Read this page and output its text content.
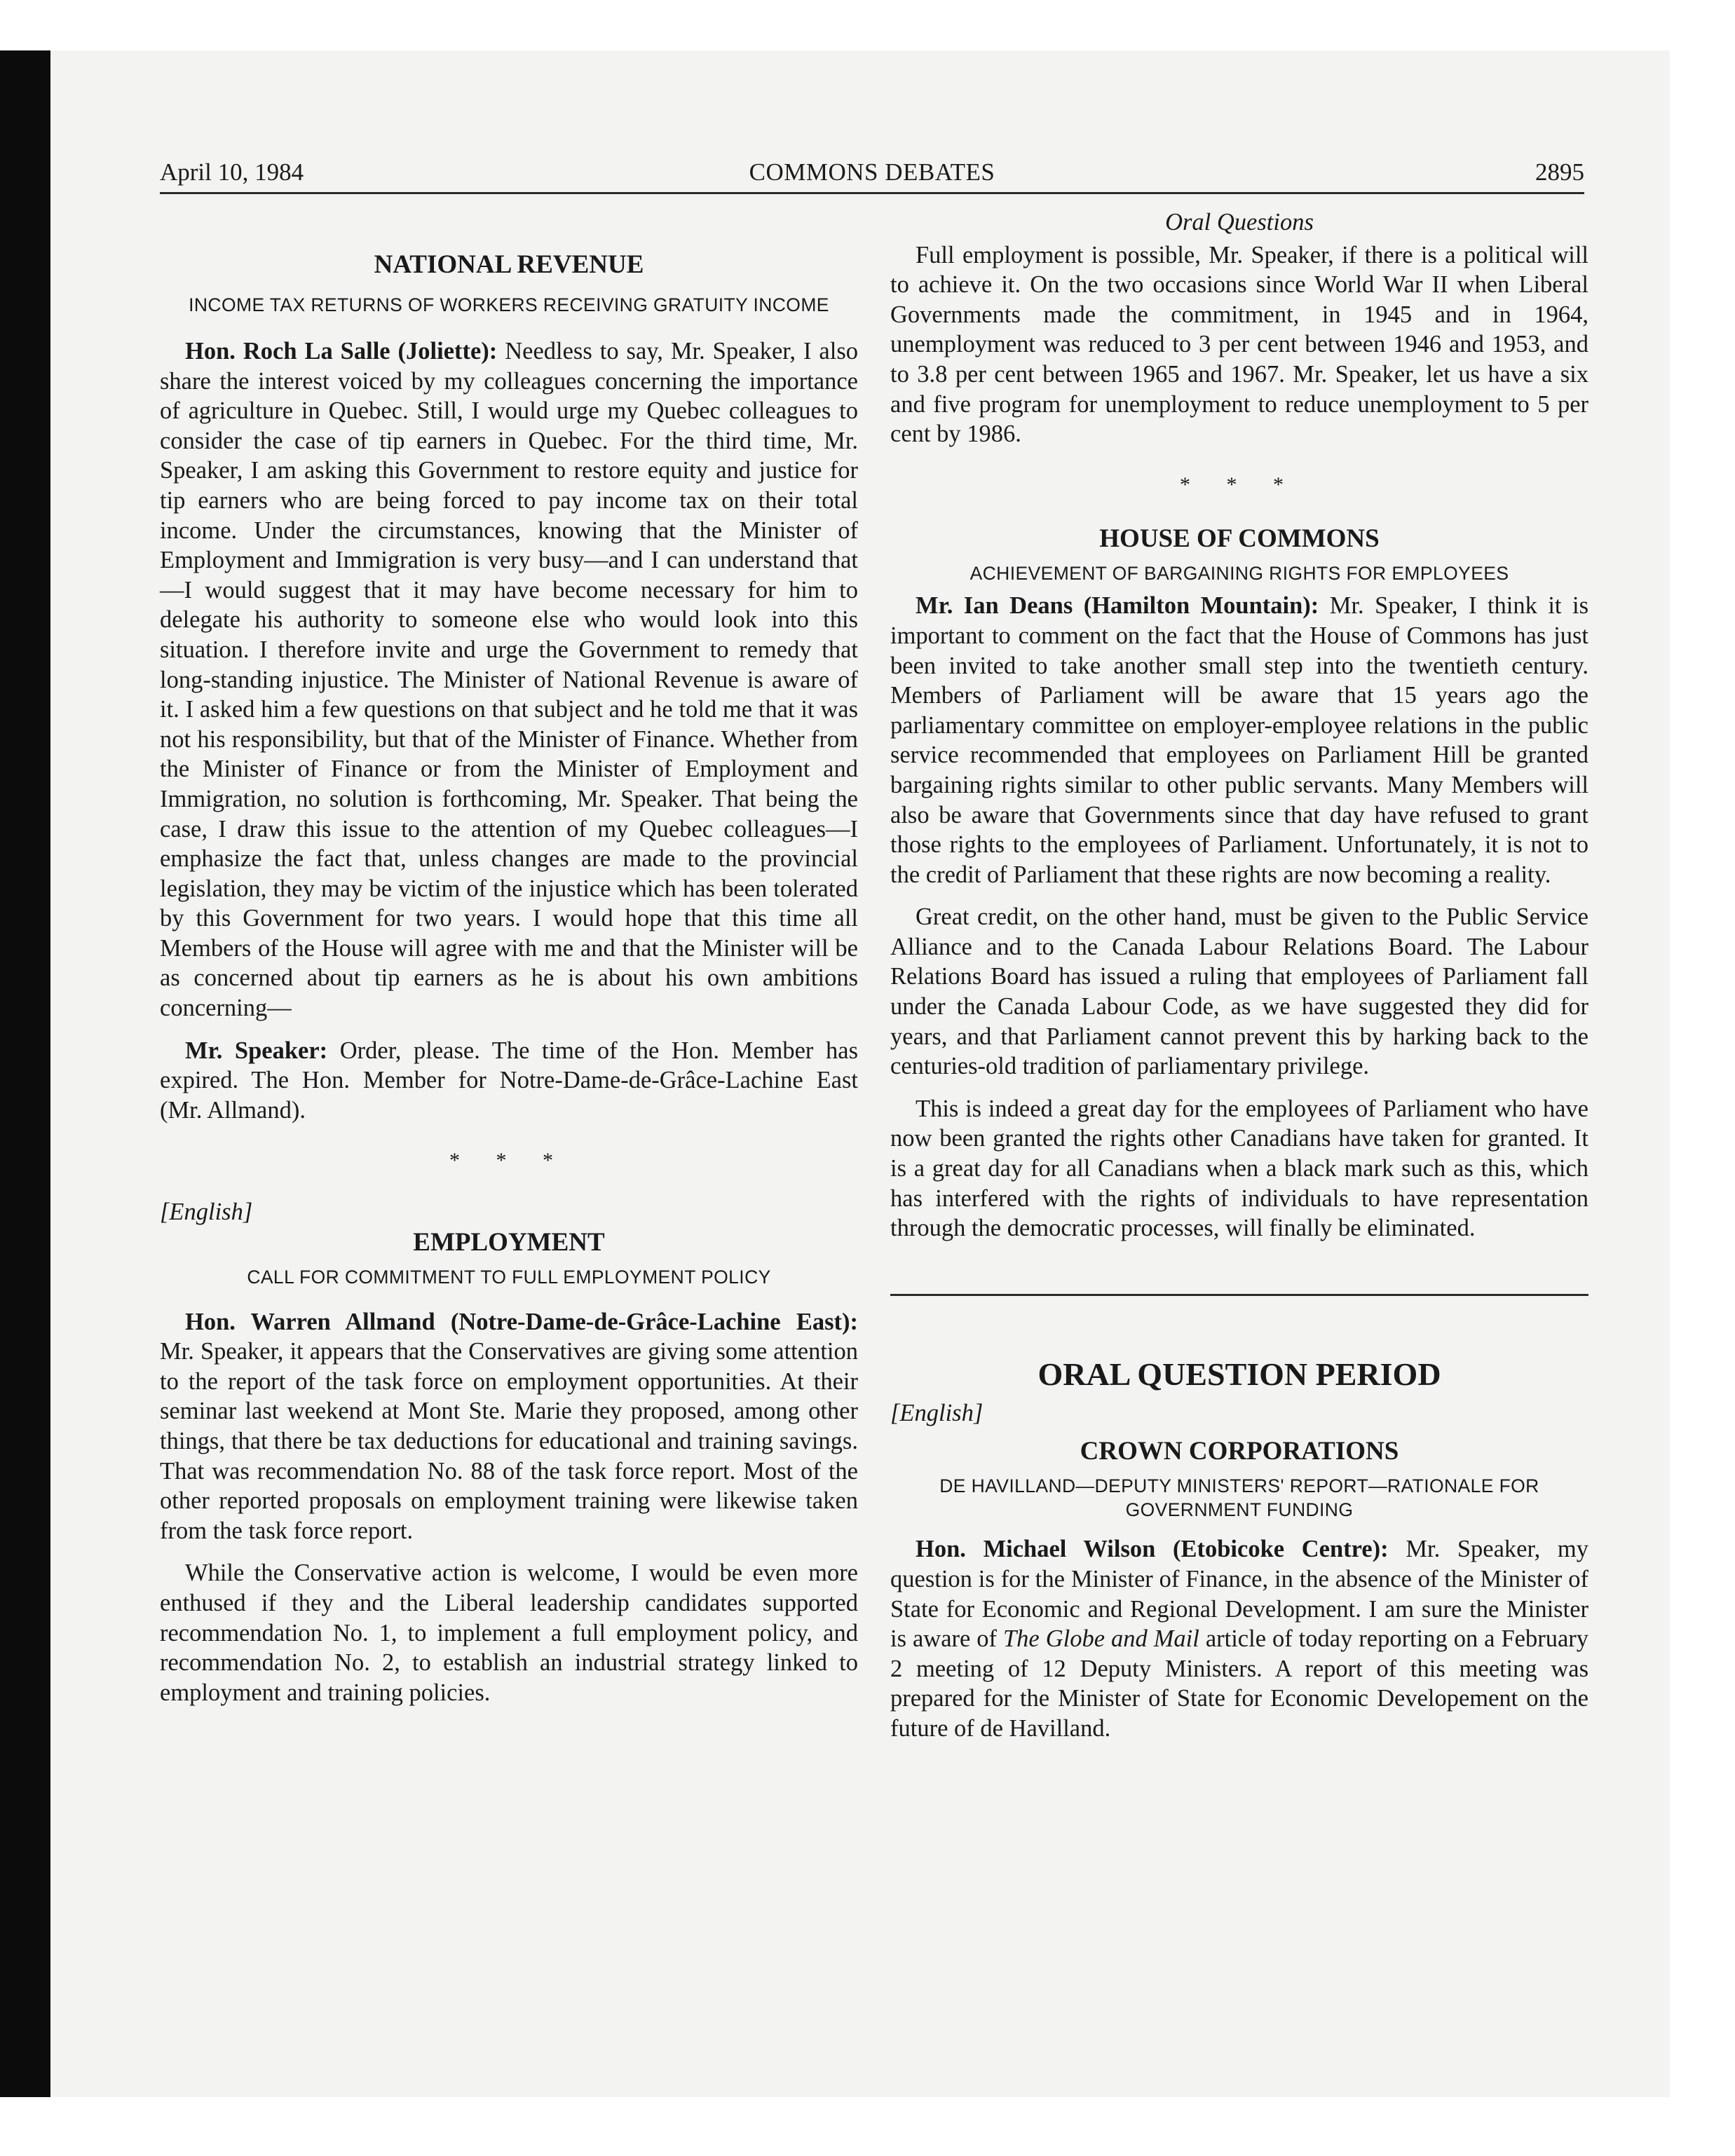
April 10, 1984	COMMONS DEBATES	2895
NATIONAL REVENUE
INCOME TAX RETURNS OF WORKERS RECEIVING GRATUITY INCOME

Hon. Roch La Salle (Joliette): Needless to say, Mr. Speaker, I also share the interest voiced by my colleagues concerning the importance of agriculture in Quebec. Still, I would urge my Quebec colleagues to consider the case of tip earners in Quebec. For the third time, Mr. Speaker, I am asking this Government to restore equity and justice for tip earners who are being forced to pay income tax on their total income. Under the circumstances, knowing that the Minister of Employment and Immigration is very busy—and I can understand that—I would suggest that it may have become necessary for him to delegate his authority to someone else who would look into this situation. I therefore invite and urge the Government to remedy that long-standing injustice. The Minister of National Revenue is aware of it. I asked him a few questions on that subject and he told me that it was not his responsibility, but that of the Minister of Finance. Whether from the Minister of Finance or from the Minister of Employment and Immigration, no solution is forthcoming, Mr. Speaker. That being the case, I draw this issue to the attention of my Quebec colleagues—I emphasize the fact that, unless changes are made to the provincial legislation, they may be victim of the injustice which has been tolerated by this Government for two years. I would hope that this time all Members of the House will agree with me and that the Minister will be as concerned about tip earners as he is about his own ambitions concerning—

Mr. Speaker: Order, please. The time of the Hon. Member has expired. The Hon. Member for Notre-Dame-de-Grâce-Lachine East (Mr. Allmand).

* * *

[English]

EMPLOYMENT
CALL FOR COMMITMENT TO FULL EMPLOYMENT POLICY

Hon. Warren Allmand (Notre-Dame-de-Grâce-Lachine East): Mr. Speaker, it appears that the Conservatives are giving some attention to the report of the task force on employment opportunities. At their seminar last weekend at Mont Ste. Marie they proposed, among other things, that there be tax deductions for educational and training savings. That was recommendation No. 88 of the task force report. Most of the other reported proposals on employment training were likewise taken from the task force report.

While the Conservative action is welcome, I would be even more enthused if they and the Liberal leadership candidates supported recommendation No. 1, to implement a full employment policy, and recommendation No. 2, to establish an industrial strategy linked to employment and training policies.

Oral Questions

Full employment is possible, Mr. Speaker, if there is a political will to achieve it. On the two occasions since World War II when Liberal Governments made the commitment, in 1945 and in 1964, unemployment was reduced to 3 per cent between 1946 and 1953, and to 3.8 per cent between 1965 and 1967. Mr. Speaker, let us have a six and five program for unemployment to reduce unemployment to 5 per cent by 1986.

* * *
HOUSE OF COMMONS
ACHIEVEMENT OF BARGAINING RIGHTS FOR EMPLOYEES

Mr. Ian Deans (Hamilton Mountain): Mr. Speaker, I think it is important to comment on the fact that the House of Commons has just been invited to take another small step into the twentieth century. Members of Parliament will be aware that 15 years ago the parliamentary committee on employer-employee relations in the public service recommended that employees on Parliament Hill be granted bargaining rights similar to other public servants. Many Members will also be aware that Governments since that day have refused to grant those rights to the employees of Parliament. Unfortunately, it is not to the credit of Parliament that these rights are now becoming a reality.

Great credit, on the other hand, must be given to the Public Service Alliance and to the Canada Labour Relations Board. The Labour Relations Board has issued a ruling that employees of Parliament fall under the Canada Labour Code, as we have suggested they did for years, and that Parliament cannot prevent this by harking back to the centuries-old tradition of parliamentary privilege.

This is indeed a great day for the employees of Parliament who have now been granted the rights other Canadians have taken for granted. It is a great day for all Canadians when a black mark such as this, which has interfered with the rights of individuals to have representation through the democratic processes, will finally be eliminated.

ORAL QUESTION PERIOD

[English]

CROWN CORPORATIONS
DE HAVILLAND—DEPUTY MINISTERS' REPORT—RATIONALE FOR GOVERNMENT FUNDING

Hon. Michael Wilson (Etobicoke Centre): Mr. Speaker, my question is for the Minister of Finance, in the absence of the Minister of State for Economic and Regional Development. I am sure the Minister is aware of The Globe and Mail article of today reporting on a February 2 meeting of 12 Deputy Ministers. A report of this meeting was prepared for the Minister of State for Economic Developement on the future of de Havilland.
